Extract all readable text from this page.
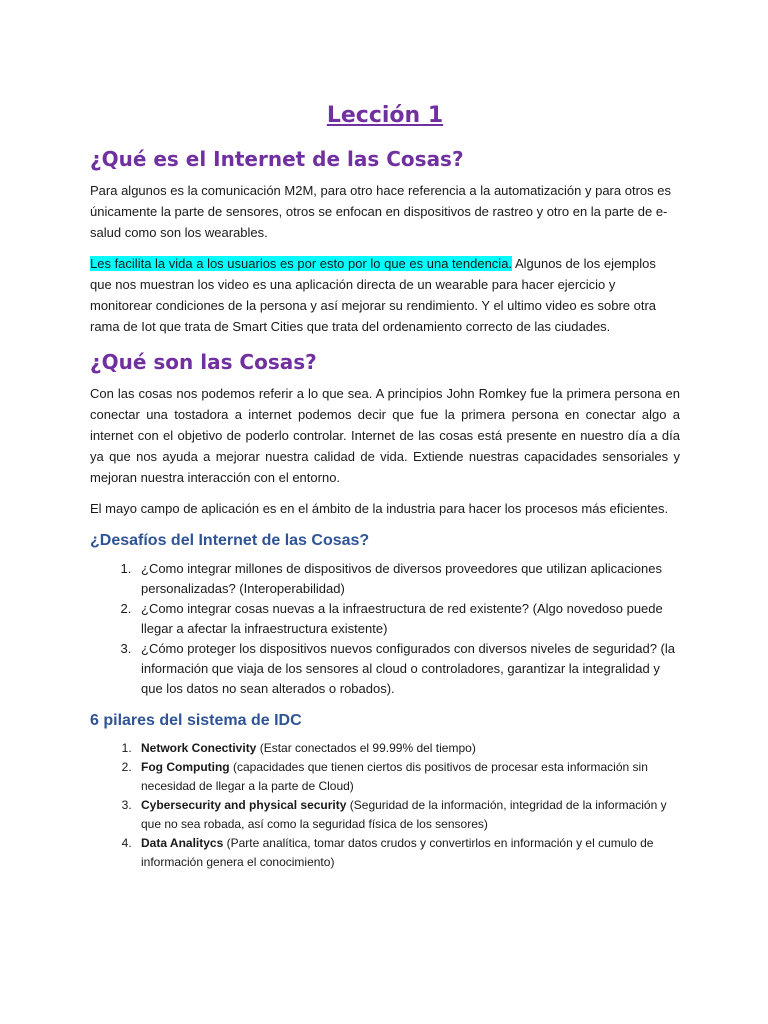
Lección 1
¿Qué es el Internet de las Cosas?

Para algunos es la comunicación M2M, para otro hace referencia a la automatización y para otros es únicamente la parte de sensores, otros se enfocan en dispositivos de rastreo y otro en la parte de e-salud como son los wearables.

Les facilita la vida a los usuarios es por esto por lo que es una tendencia. Algunos de los ejemplos que nos muestran los video es una aplicación directa de un wearable para hacer ejercicio y monitorear condiciones de la persona y así mejorar su rendimiento. Y el ultimo video es sobre otra rama de Iot que trata de Smart Cities que trata del ordenamiento correcto de las ciudades.

¿Qué son las Cosas?

Con las cosas nos podemos referir a lo que sea. A principios John Romkey fue la primera persona en conectar una tostadora a internet podemos decir que fue la primera persona en conectar algo a internet con el objetivo de poderlo controlar. Internet de las cosas está presente en nuestro día a día ya que nos ayuda a mejorar nuestra calidad de vida. Extiende nuestras capacidades sensoriales y mejoran nuestra interacción con el entorno.

El mayo campo de aplicación es en el ámbito de la industria para hacer los procesos más eficientes.

¿Desafíos del Internet de las Cosas?
1. ¿Como integrar millones de dispositivos de diversos proveedores que utilizan aplicaciones personalizadas? (Interoperabilidad)
2. ¿Como integrar cosas nuevas a la infraestructura de red existente? (Algo novedoso puede llegar a afectar la infraestructura existente)
3. ¿Cómo proteger los dispositivos nuevos configurados con diversos niveles de seguridad? (la información que viaja de los sensores al cloud o controladores, garantizar la integralidad y que los datos no sean alterados o robados).
6 pilares del sistema de IDC
1. Network Conectivity (Estar conectados el 99.99% del tiempo)
2. Fog Computing (capacidades que tienen ciertos dis positivos de procesar esta información sin necesidad de llegar a la parte de Cloud)
3. Cybersecurity and physical security (Seguridad de la información, integridad de la información y que no sea robada, así como la seguridad física de los sensores)
4. Data Analitycs (Parte analítica, tomar datos crudos y convertirlos en información y el cumulo de información genera el conocimiento)
